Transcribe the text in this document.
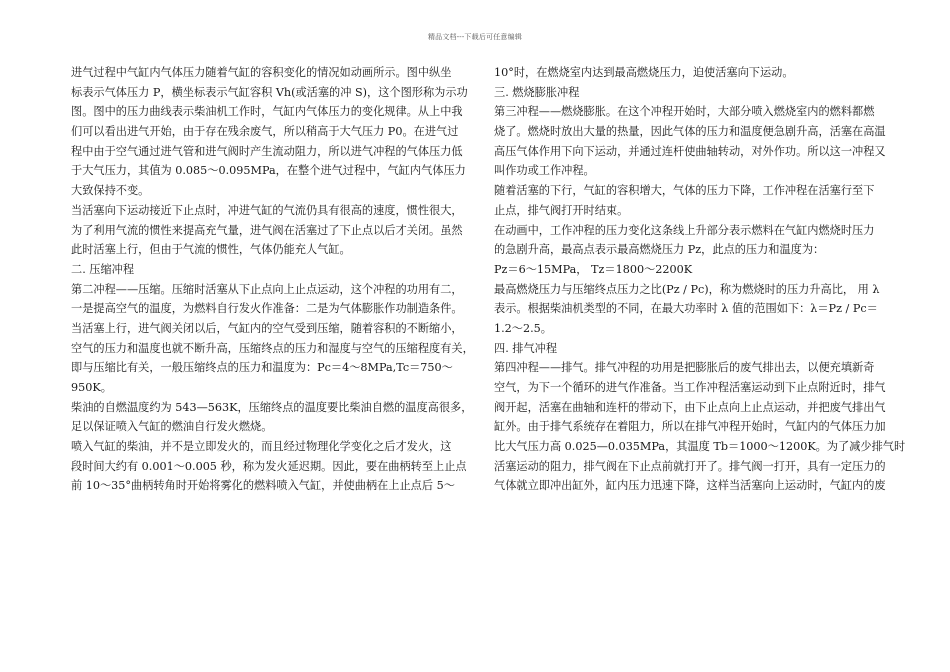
精品文档---下载后可任意编辑
进气过程中气缸内气体压力随着气缸的容积变化的情况如动画所示。图中纵坐
标表示气体压力 P，横坐标表示气缸容积 Vh(或活塞的冲 S)，这个图形称为示功
图。图中的压力曲线表示柴油机工作时，气缸内气体压力的变化规律。从上中我
们可以看出进气开始，由于存在残余废气，所以稍高于大气压力 P0。在进气过
程中由于空气通过进气管和进气阀时产生流动阻力，所以进气冲程的气体压力低
于大气压力，其值为 0.085～0.095MPa，在整个进气过程中，气缸内气体压力
大致保持不变。
当活塞向下运动接近下止点时，冲进气缸的气流仍具有很高的速度，惯性很大，
为了利用气流的惯性来提高充气量，进气阀在活塞过了下止点以后才关闭。虽然
此时活塞上行，但由于气流的惯性，气体仍能充人气缸。
二. 压缩冲程
第二冲程——压缩。压缩时活塞从下止点向上止点运动，这个冲程的功用有二，
一是提高空气的温度，为燃料自行发火作准备：二是为气体膨胀作功制造条件。
当活塞上行，进气阀关闭以后，气缸内的空气受到压缩，随着容积的不断缩小，
空气的压力和温度也就不断升高，压缩终点的压力和湿度与空气的压缩程度有关，
即与压缩比有关，一般压缩终点的压力和温度为：Pc＝4～8MPa,Tc＝750～
950K。
柴油的自燃温度约为 543—563K，压缩终点的温度要比柴油自燃的温度高很多，
足以保证喷入气缸的燃油自行发火燃烧。
喷入气缸的柴油，并不是立即发火的，而且经过物理化学变化之后才发火，这
段时间大约有 0.001～0.005 秒，称为发火延迟期。因此，要在曲柄转至上止点
前 10～35°曲柄转角时开始将雾化的燃料喷入气缸，并使曲柄在上止点后 5～
10°时，在燃烧室内达到最高燃烧压力，迫使活塞向下运动。
三. 燃烧膨胀冲程
第三冲程——燃烧膨胀。在这个冲程开始时，大部分喷入燃烧室内的燃料都燃
烧了。燃烧时放出大量的热量，因此气体的压力和温度便急剧升高，活塞在高温
高压气体作用下向下运动，并通过连杆使曲轴转动，对外作功。所以这一冲程又
叫作功或工作冲程。
随着活塞的下行，气缸的容积增大，气体的压力下降，工作冲程在活塞行至下
止点，排气阀打开时结束。
在动画中，工作冲程的压力变化这条线上升部分表示燃料在气缸内燃烧时压力
的急剧升高，最高点表示最高燃烧压力 Pz，此点的压力和温度为：
Pz＝6～15MPa， Tz＝1800～2200K
最高燃烧压力与压缩终点压力之比(Pz / Pc)，称为燃烧时的压力升高比， 用 λ
表示。根据柴油机类型的不同，在最大功率时 λ 值的范围如下：λ＝Pz / Pc＝
1.2～2.5。
四. 排气冲程
第四冲程——排气。排气冲程的功用是把膨胀后的废气排出去，以便充填新奇
空气，为下一个循环的进气作准备。当工作冲程活塞运动到下止点附近时，排气
阀开起，活塞在曲轴和连杆的带动下，由下止点向上止点运动，并把废气排出气
缸外。由于排气系统存在着阻力，所以在排气冲程开始时，气缸内的气体压力加
比大气压力高 0.025—0.035MPa，其温度 Tb＝1000～1200K。为了减少排气时
活塞运动的阻力，排气阀在下止点前就打开了。排气阀一打开，具有一定压力的
气体就立即冲出缸外，缸内压力迅速下降，这样当活塞向上运动时，气缸内的废
